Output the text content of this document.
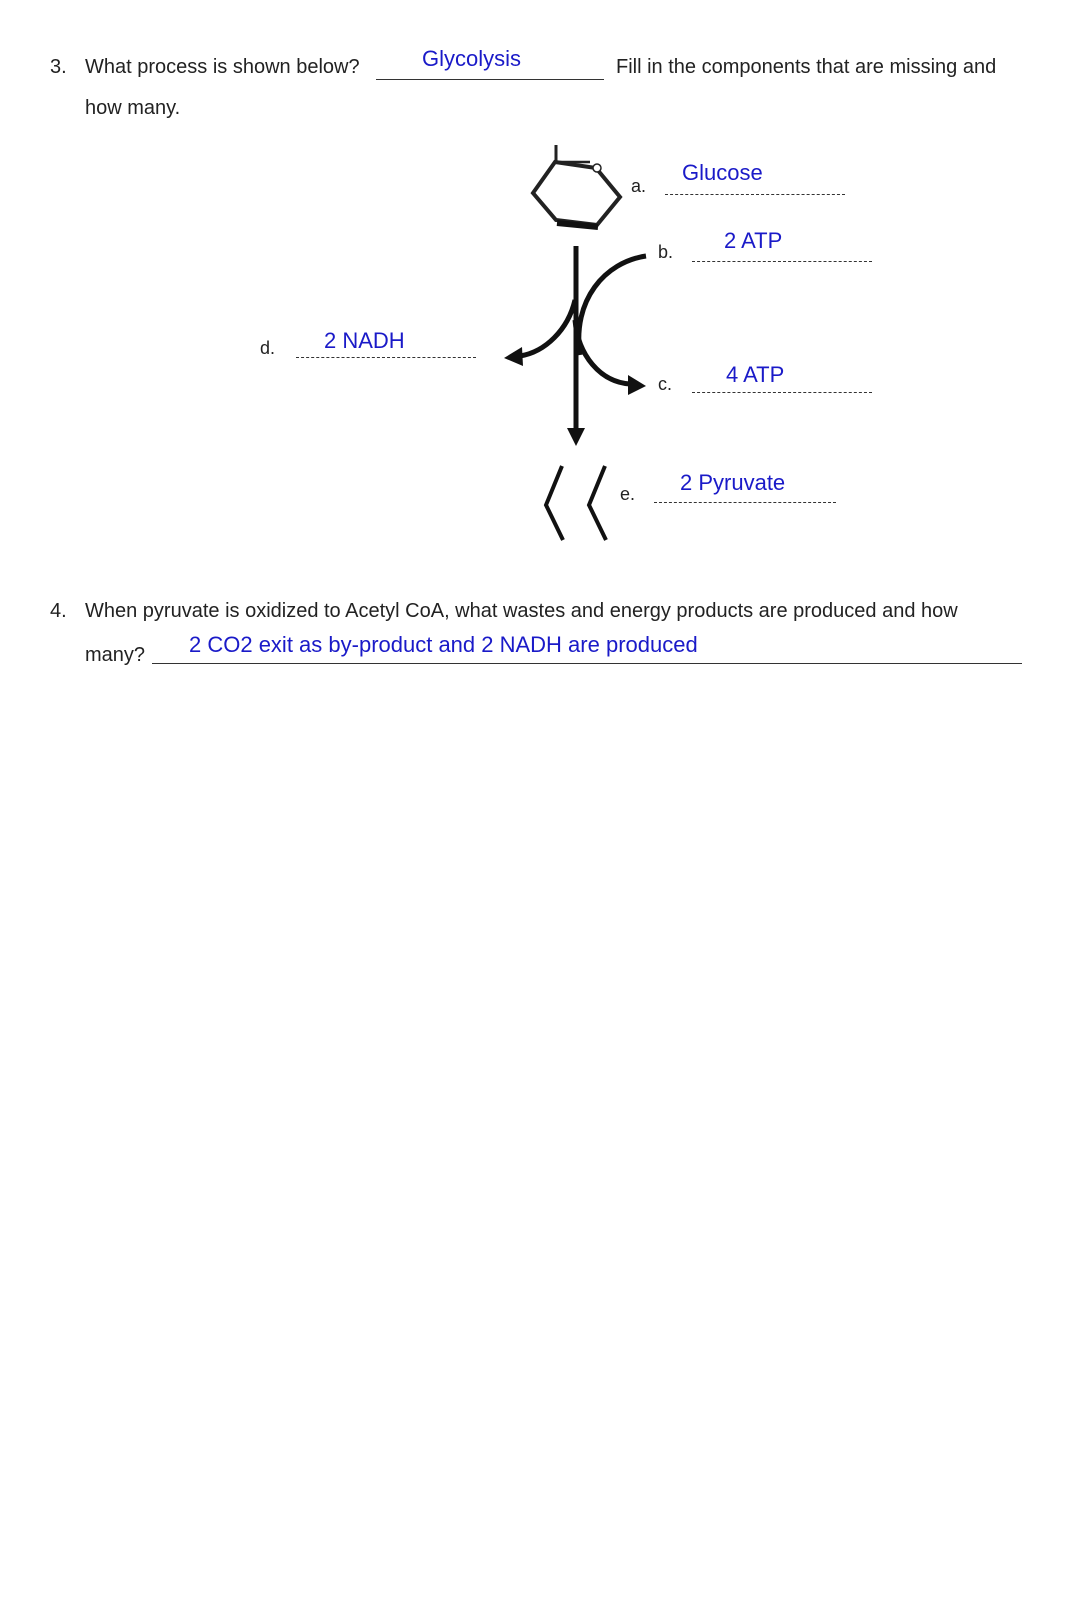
3. What process is shown below?	Glycolysis	Fill in the components that are missing and
how many.
a.
Glucose
b. 2 ATP
c. 4 ATP
d. 2 NADH
e. 2 Pyruvate
4. When pyruvate is oxidized to Acetyl CoA, what wastes and energy products are produced and how
many? 2 CO2 exit as by-product and 2 NADH are produced
